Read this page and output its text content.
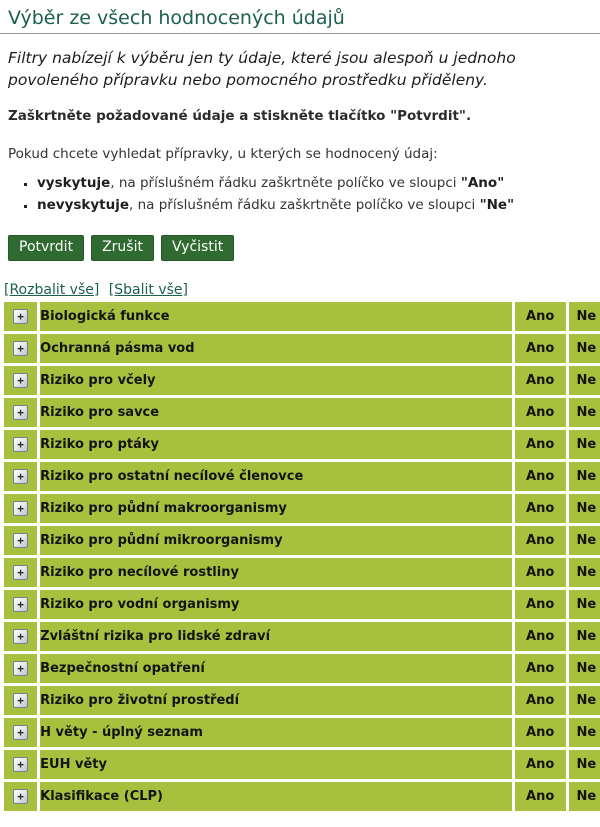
Výběr ze všech hodnocených údajů

Filtry nabízejí k výběru jen ty údaje, které jsou alespoň u jednoho povoleného přípravku nebo pomocného prostředku přiděleny.

Zaškrtněte požadované údaje a stiskněte tlačítko "Potvrdit".

Pokud chcete vyhledat přípravky, u kterých se hodnocený údaj:

▪ vyskytuje, na příslušném řádku zaškrtněte políčko ve sloupci "Ano"
▪ nevyskytuje, na příslušném řádku zaškrtněte políčko ve sloupci "Ne"
Potvrdit	Zrušit	Vyčistit
[Rozbalit vše] [Sbalit vše]
+	Biologická funkce	Ano	Ne
+	Ochranná pásma vod	Ano	Ne
+	Riziko pro včely	Ano	Ne
+	Riziko pro savce	Ano	Ne
+	Riziko pro ptáky	Ano	Ne
+	Riziko pro ostatní necílové členovce	Ano	Ne
+	Riziko pro půdní makroorganismy	Ano	Ne
+	Riziko pro půdní mikroorganismy	Ano	Ne
+	Riziko pro necílové rostliny	Ano	Ne
+	Riziko pro vodní organismy	Ano	Ne
+	Zvláštní rizika pro lidské zdraví	Ano	Ne
+	Bezpečnostní opatření	Ano	Ne
+	Riziko pro životní prostředí	Ano	Ne
+	H věty - úplný seznam	Ano	Ne
+	EUH věty	Ano	Ne
+	Klasifikace (CLP)	Ano	Ne
